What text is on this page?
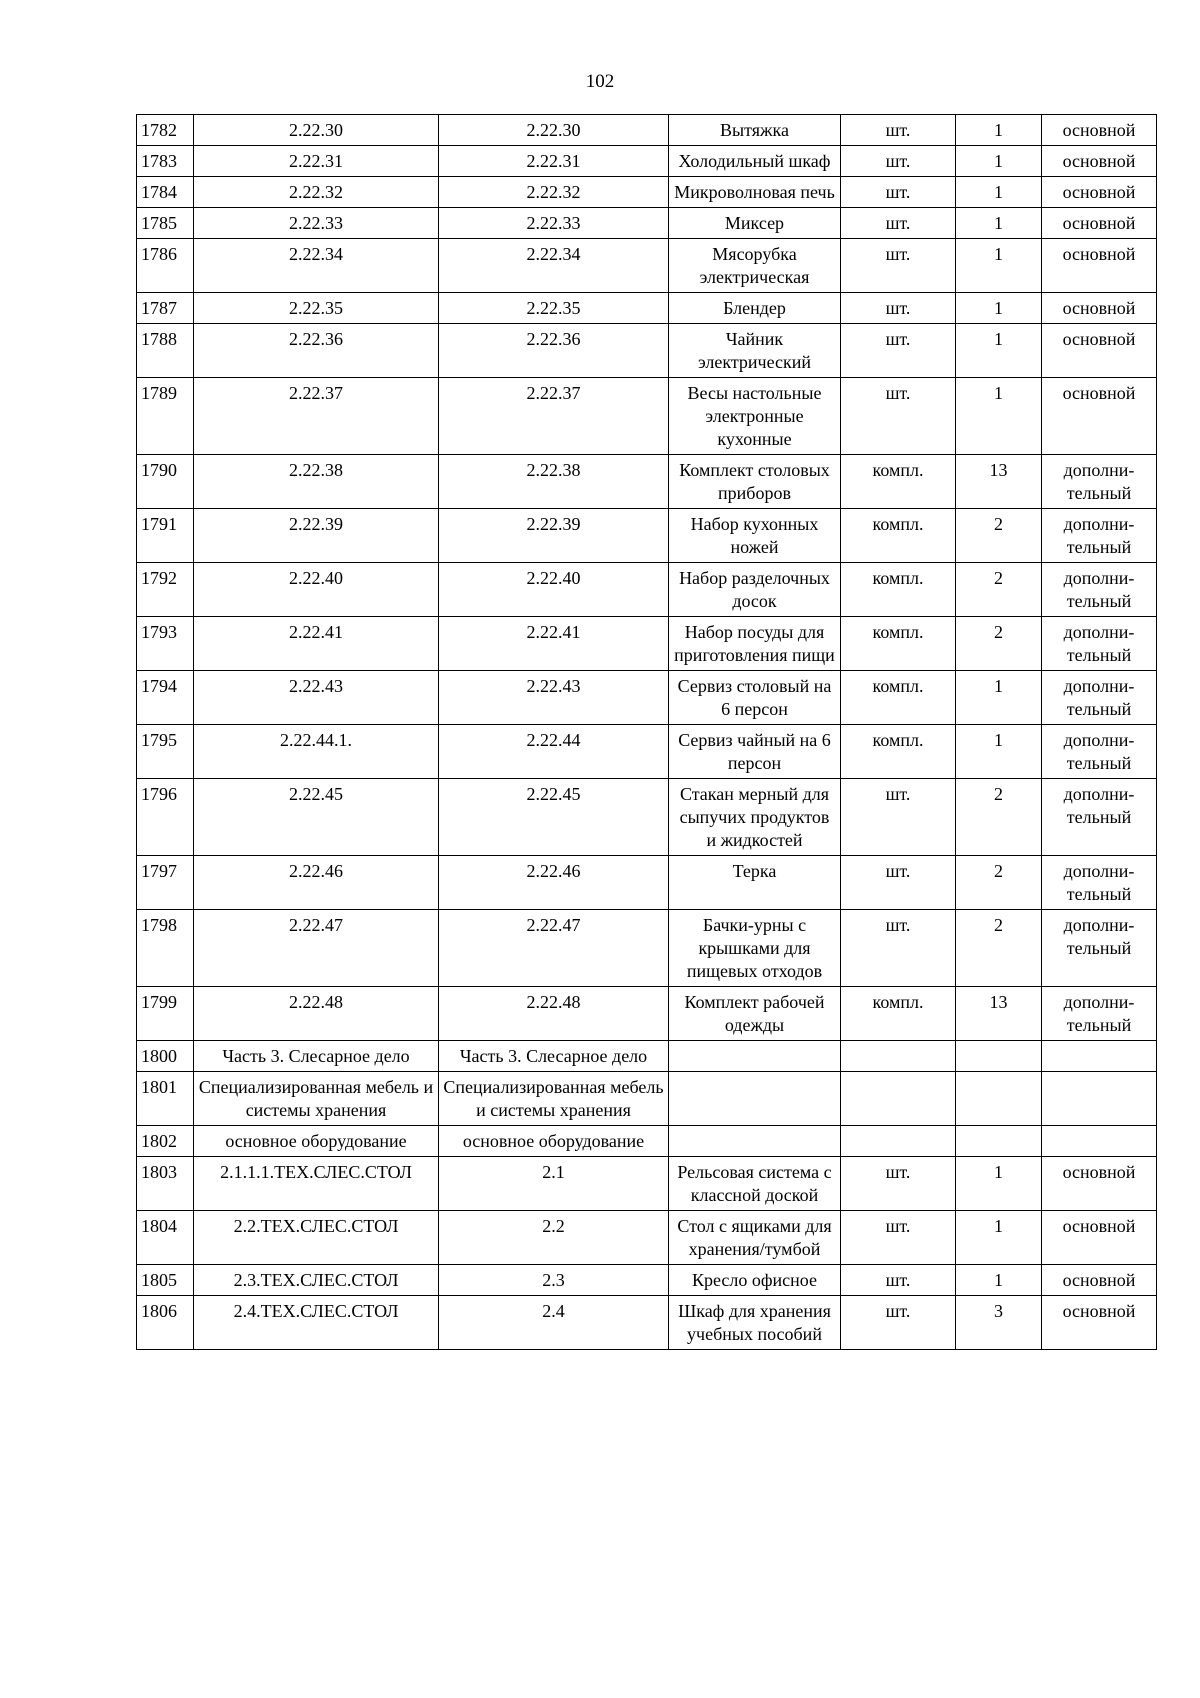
102
1782	2.22.30	2.22.30	Вытяжка	шт.	1	основной
1783	2.22.31	2.22.31	Холодильный шкаф	шт.	1	основной
1784	2.22.32	2.22.32	Микроволновая печь	шт.	1	основной
1785	2.22.33	2.22.33	Миксер	шт.	1	основной
1786	2.22.34	2.22.34	Мясорубка электрическая	шт.	1	основной
1787	2.22.35	2.22.35	Блендер	шт.	1	основной
1788	2.22.36	2.22.36	Чайник электрический	шт.	1	основной
1789	2.22.37	2.22.37	Весы настольные электронные кухонные	шт.	1	основной
1790	2.22.38	2.22.38	Комплект столовых приборов	компл.	13	дополни-тельный
1791	2.22.39	2.22.39	Набор кухонных ножей	компл.	2	дополни-тельный
1792	2.22.40	2.22.40	Набор разделочных досок	компл.	2	дополни-тельный
1793	2.22.41	2.22.41	Набор посуды для приготовления пищи	компл.	2	дополни-тельный
1794	2.22.43	2.22.43	Сервиз столовый на 6 персон	компл.	1	дополни-тельный
1795	2.22.44.1.	2.22.44	Сервиз чайный на 6 персон	компл.	1	дополни-тельный
1796	2.22.45	2.22.45	Стакан мерный для сыпучих продуктов и жидкостей	шт.	2	дополни-тельный
1797	2.22.46	2.22.46	Терка	шт.	2	дополни-тельный
1798	2.22.47	2.22.47	Бачки-урны с крышками для пищевых отходов	шт.	2	дополни-тельный
1799	2.22.48	2.22.48	Комплект рабочей одежды	компл.	13	дополни-тельный
1800	Часть 3. Слесарное дело	Часть 3. Слесарное дело				
1801	Специализированная мебель и системы хранения	Специализированная мебель и системы хранения				
1802	основное оборудование	основное оборудование				
1803	2.1.1.1.ТЕХ.СЛЕС.СТОЛ	2.1	Рельсовая система с классной доской	шт.	1	основной
1804	2.2.ТЕХ.СЛЕС.СТОЛ	2.2	Стол с ящиками для хранения/тумбой	шт.	1	основной
1805	2.3.ТЕХ.СЛЕС.СТОЛ	2.3	Кресло офисное	шт.	1	основной
1806	2.4.ТЕХ.СЛЕС.СТОЛ	2.4	Шкаф для хранения учебных пособий	шт.	3	основной
